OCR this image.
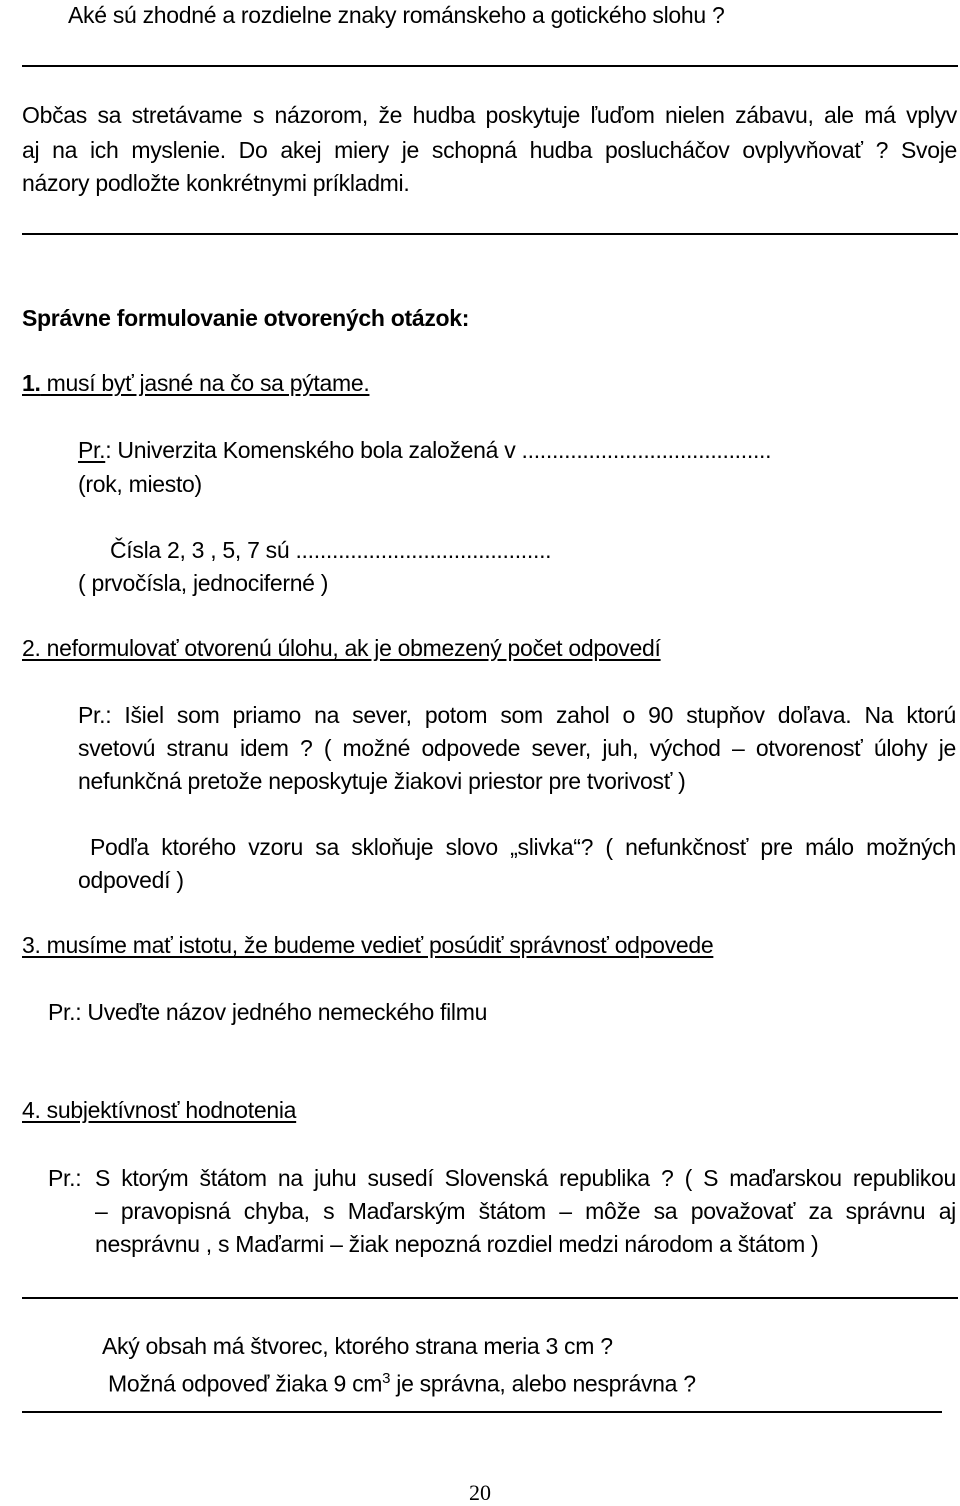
Aké sú zhodné a rozdielne znaky románskeho a gotického slohu ?
Občas sa stretávame s názorom, že hudba poskytuje ľuďom nielen zábavu, ale má vplyv
aj na ich myslenie. Do akej miery je schopná hudba poslucháčov ovplyvňovať ? Svoje
názory podložte konkrétnymi príkladmi.
Správne formulovanie otvorených otázok:
1. musí byť jasné na čo sa pýtame.
Pr.: Univerzita Komenského bola založená v .........................................
(rok, miesto)
Čísla 2, 3 , 5, 7 sú ..........................................
( prvočísla, jednociferné )
2. neformulovať otvorenú úlohu, ak je obmezený počet odpovedí
Pr.: Išiel som priamo na sever, potom som zahol o 90 stupňov doľava. Na ktorú
svetovú stranu idem ? ( možné odpovede sever, juh, východ – otvorenosť úlohy je
nefunkčná pretože neposkytuje žiakovi priestor pre tvorivosť )
Podľa ktorého vzoru sa skloňuje slovo „slivka“? ( nefunkčnosť pre málo možných
odpovedí )
3. musíme mať istotu, že budeme vedieť posúdiť správnosť odpovede
Pr.: Uveďte názov jedného nemeckého filmu
4. subjektívnosť hodnotenia
Pr.: S ktorým štátom na juhu susedí Slovenská republika ? ( S maďarskou republikou
– pravopisná chyba, s Maďarským štátom – môže sa považovať za správnu aj
nesprávnu , s Maďarmi – žiak nepozná rozdiel medzi národom a štátom )
Aký obsah má štvorec, ktorého strana meria 3 cm ?
Možná odpoveď žiaka 9 $cm^3$ je správna, alebo nesprávna ?
20
